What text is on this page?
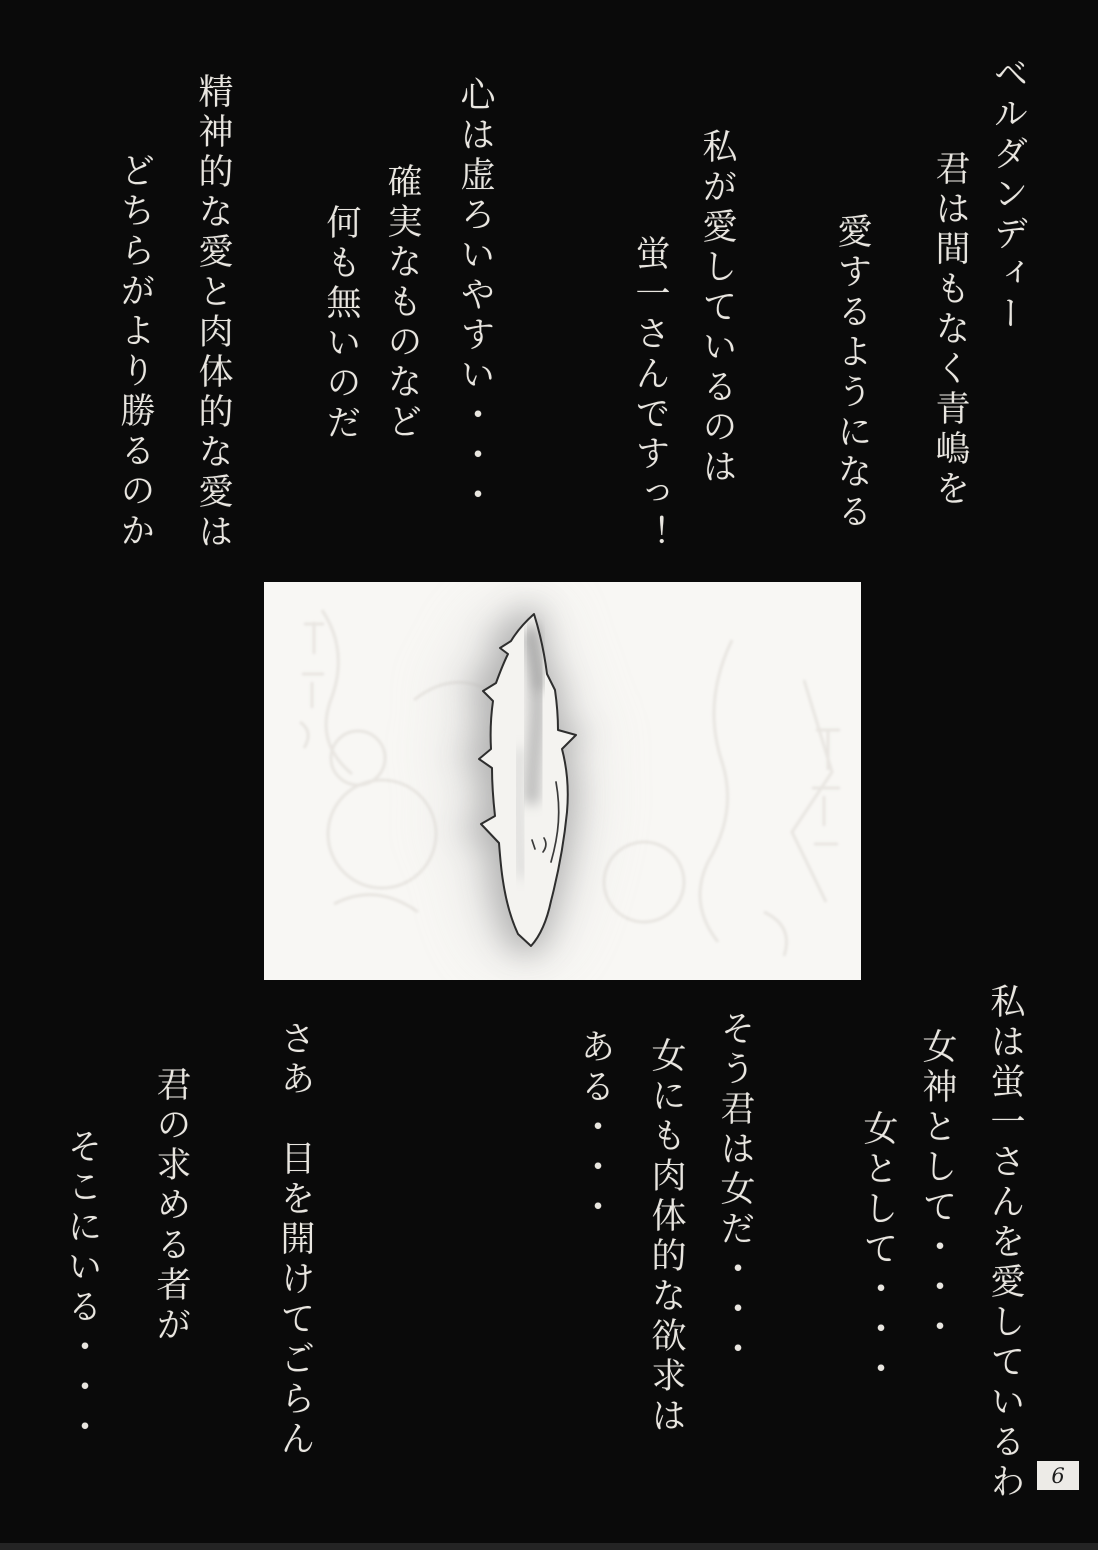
ベルダンディー
君は間もなく青嶋を
愛するようになる
私が愛しているのは
蛍一さんですっ！
心は虚ろいやすい・・・
確実なものなど
何も無いのだ
精神的な愛と肉体的な愛は
どちらがより勝るのか
私は蛍一さんを愛しているわ
女神として・・・
女として・・・
そう君は女だ・・・
女にも肉体的な欲求は
ある・・・
さあ　目を開けてごらん
君の求める者が
そこにいる・・・
6
